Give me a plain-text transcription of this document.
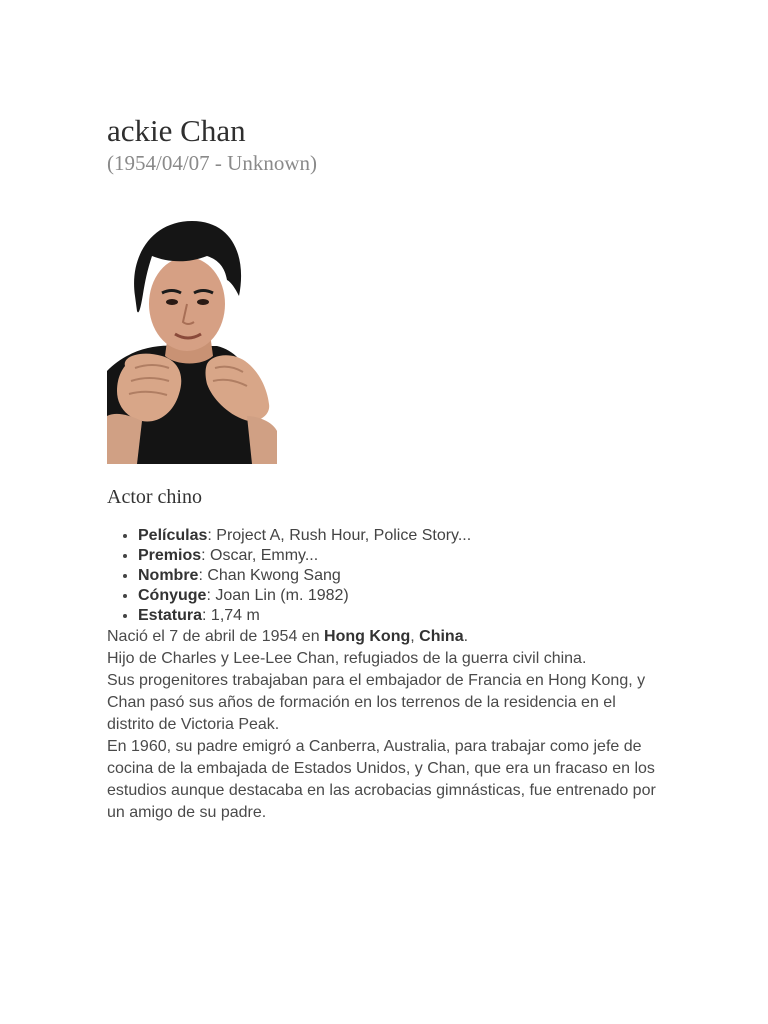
ackie Chan
(1954/04/07 - Unknown)
Actor chino
• Películas: Project A, Rush Hour, Police Story...
• Premios: Oscar, Emmy...
• Nombre: Chan Kwong Sang
• Cónyuge: Joan Lin (m. 1982)
• Estatura: 1,74 m

Nació el 7 de abril de 1954 en Hong Kong, China.

Hijo de Charles y Lee-Lee Chan, refugiados de la guerra civil china.

Sus progenitores trabajaban para el embajador de Francia en Hong Kong, y Chan pasó sus años de formación en los terrenos de la residencia en el distrito de Victoria Peak.

En 1960, su padre emigró a Canberra, Australia, para trabajar como jefe de cocina de la embajada de Estados Unidos, y Chan, que era un fracaso en los estudios aunque destacaba en las acrobacias gimnásticas, fue entrenado por un amigo de su padre.
